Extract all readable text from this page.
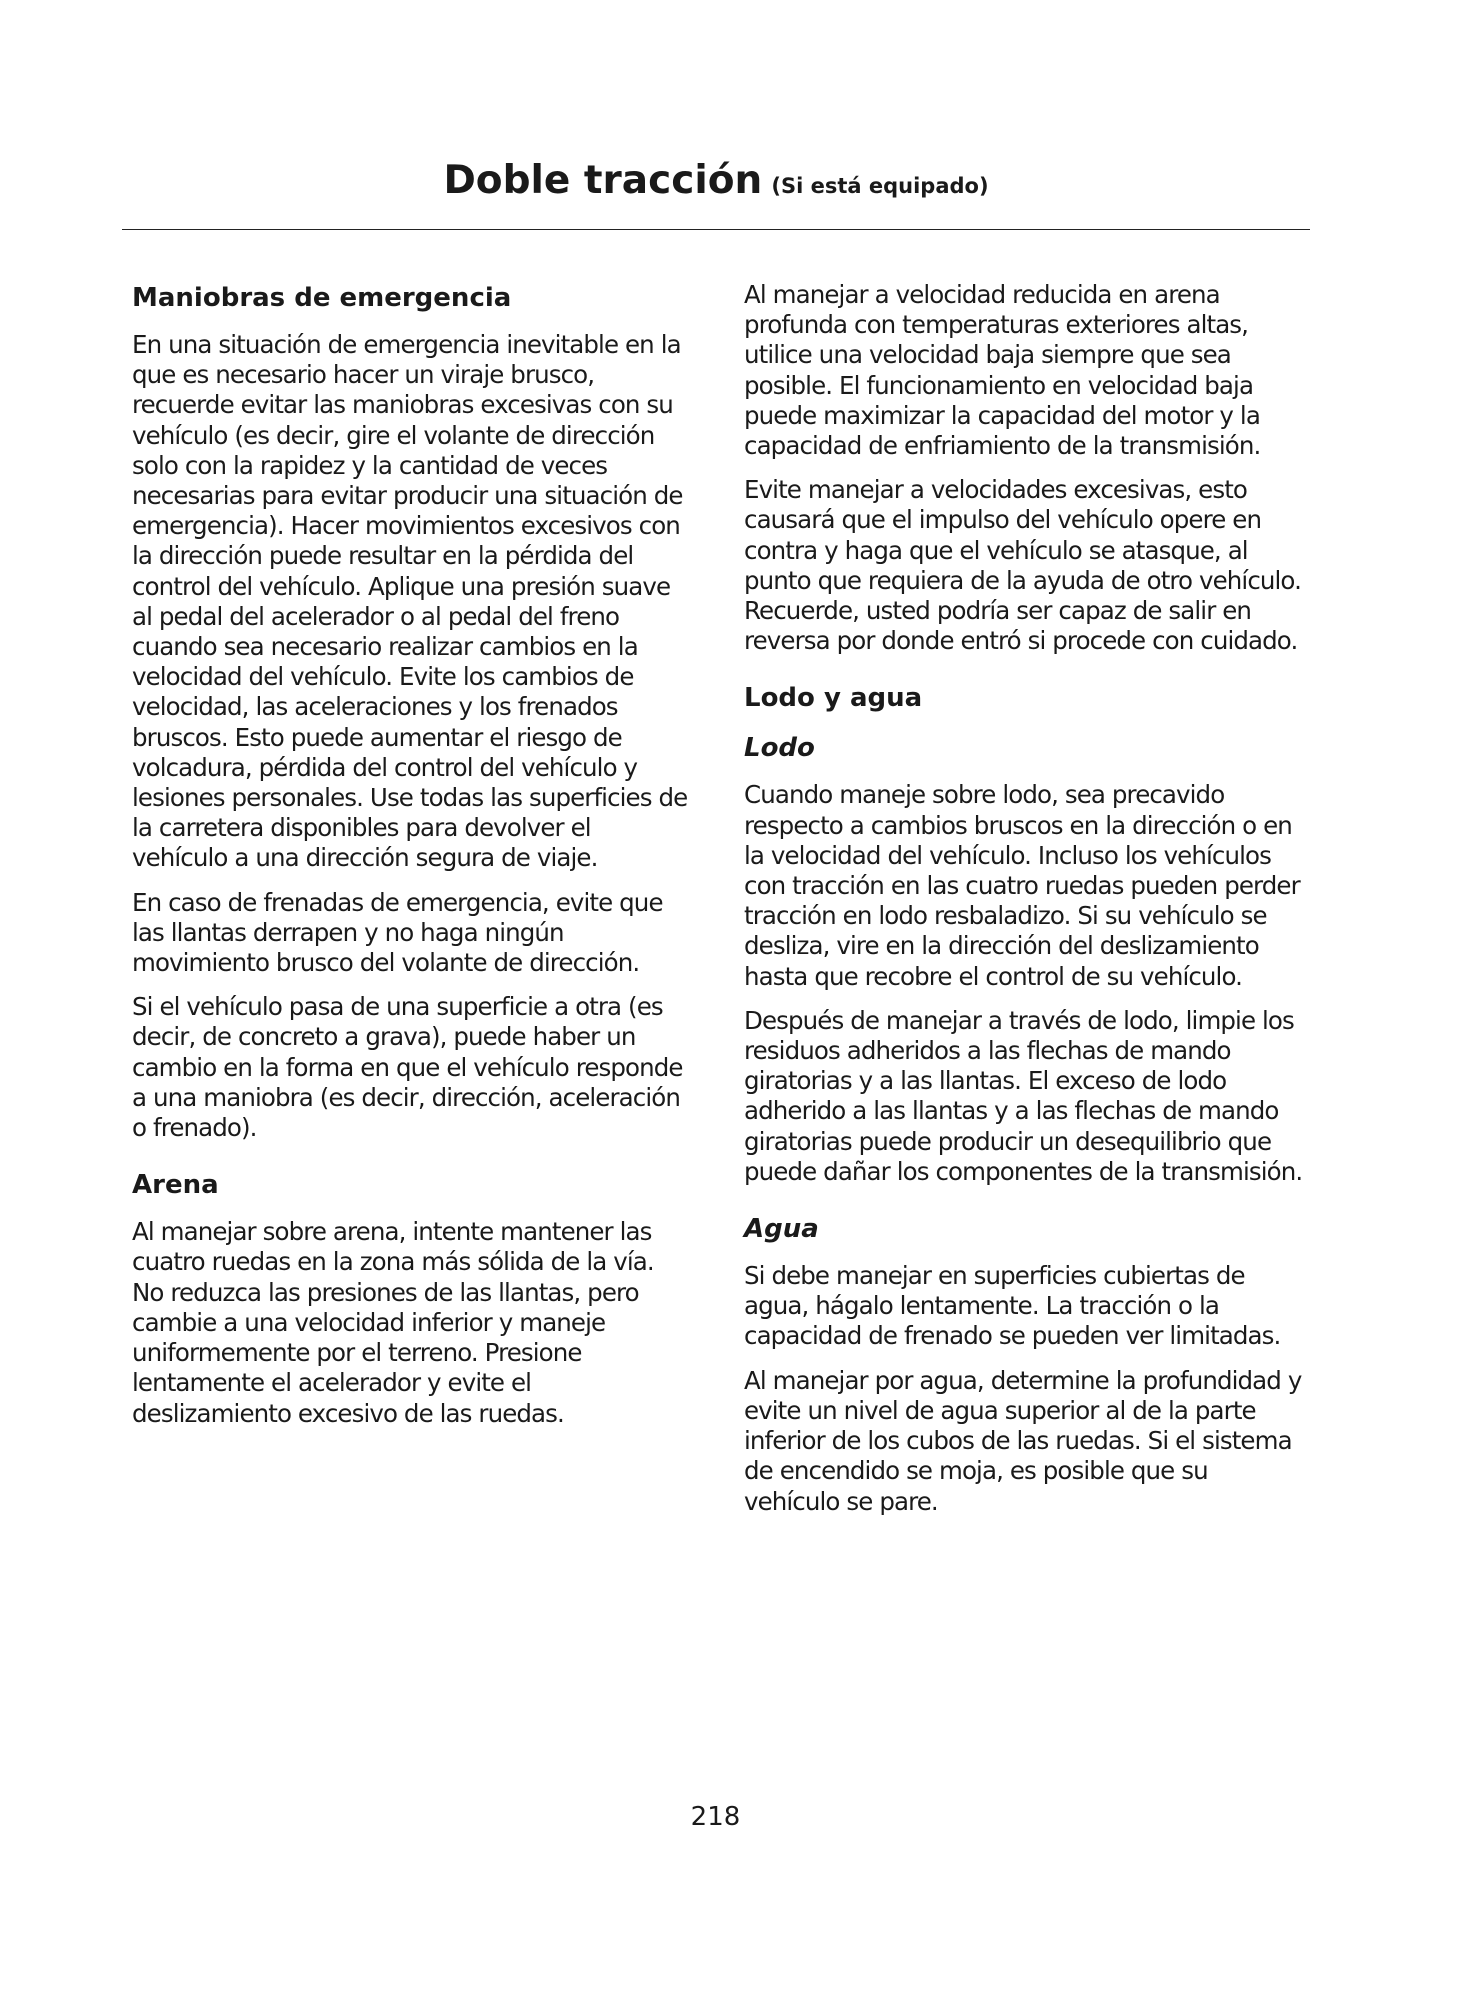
Doble tracción (Si está equipado)
Maniobras de emergencia

En una situación de emergencia inevitable en la que es necesario hacer un viraje brusco, recuerde evitar las maniobras excesivas con su vehículo (es decir, gire el volante de dirección solo con la rapidez y la cantidad de veces necesarias para evitar producir una situación de emergencia). Hacer movimientos excesivos con la dirección puede resultar en la pérdida del control del vehículo. Aplique una presión suave al pedal del acelerador o al pedal del freno cuando sea necesario realizar cambios en la velocidad del vehículo. Evite los cambios de velocidad, las aceleraciones y los frenados bruscos. Esto puede aumentar el riesgo de volcadura, pérdida del control del vehículo y lesiones personales. Use todas las superficies de la carretera disponibles para devolver el vehículo a una dirección segura de viaje.

En caso de frenadas de emergencia, evite que las llantas derrapen y no haga ningún movimiento brusco del volante de dirección.

Si el vehículo pasa de una superficie a otra (es decir, de concreto a grava), puede haber un cambio en la forma en que el vehículo responde a una maniobra (es decir, dirección, aceleración o frenado).

Arena

Al manejar sobre arena, intente mantener las cuatro ruedas en la zona más sólida de la vía. No reduzca las presiones de las llantas, pero cambie a una velocidad inferior y maneje uniformemente por el terreno. Presione lentamente el acelerador y evite el deslizamiento excesivo de las ruedas.

Al manejar a velocidad reducida en arena profunda con temperaturas exteriores altas, utilice una velocidad baja siempre que sea posible. El funcionamiento en velocidad baja puede maximizar la capacidad del motor y la capacidad de enfriamiento de la transmisión.

Evite manejar a velocidades excesivas, esto causará que el impulso del vehículo opere en contra y haga que el vehículo se atasque, al punto que requiera de la ayuda de otro vehículo. Recuerde, usted podría ser capaz de salir en reversa por donde entró si procede con cuidado.

Lodo y agua
Lodo

Cuando maneje sobre lodo, sea precavido respecto a cambios bruscos en la dirección o en la velocidad del vehículo. Incluso los vehículos con tracción en las cuatro ruedas pueden perder tracción en lodo resbaladizo. Si su vehículo se desliza, vire en la dirección del deslizamiento hasta que recobre el control de su vehículo.

Después de manejar a través de lodo, limpie los residuos adheridos a las flechas de mando giratorias y a las llantas. El exceso de lodo adherido a las llantas y a las flechas de mando giratorias puede producir un desequilibrio que puede dañar los componentes de la transmisión.

Agua

Si debe manejar en superficies cubiertas de agua, hágalo lentamente. La tracción o la capacidad de frenado se pueden ver limitadas.

Al manejar por agua, determine la profundidad y evite un nivel de agua superior al de la parte inferior de los cubos de las ruedas. Si el sistema de encendido se moja, es posible que su vehículo se pare.

218
